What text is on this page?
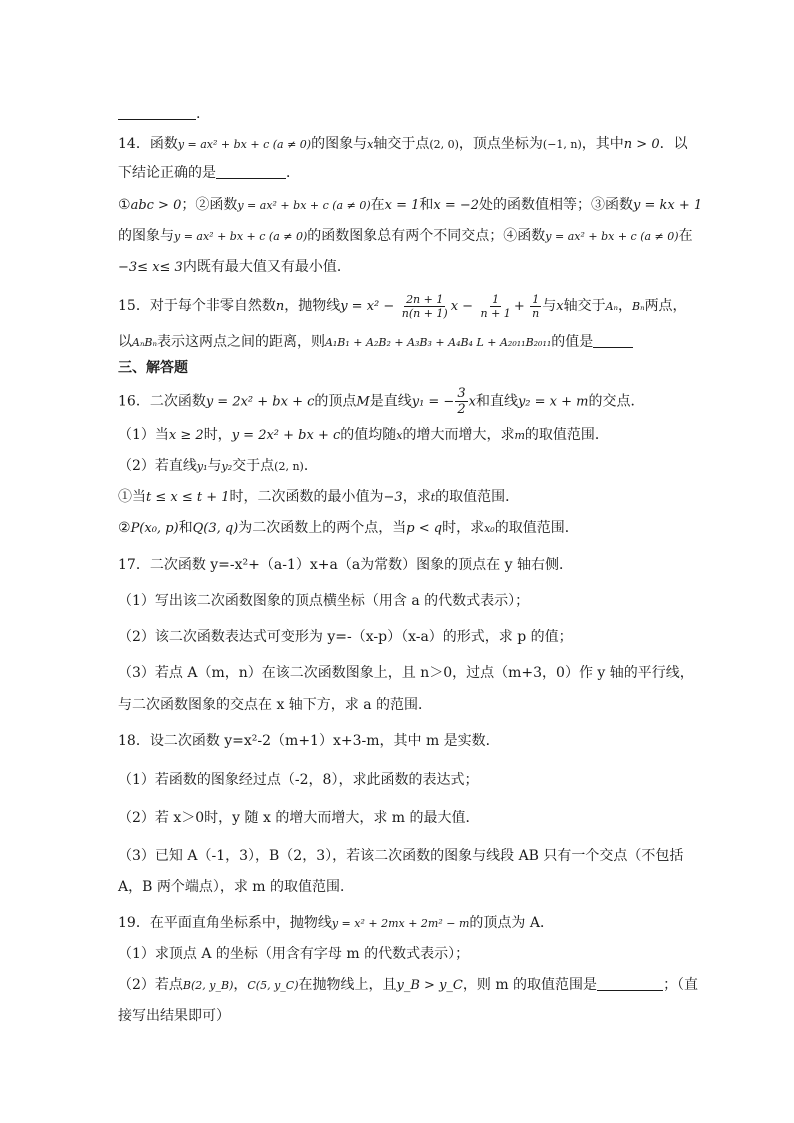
.
14．函数y = ax² + bx + c (a ≠ 0)的图象与x轴交于点(2, 0)，顶点坐标为(−1, n)，其中n > 0．以
下结论正确的是	．
①abc > 0；②函数y = ax² + bx + c (a ≠ 0)在x = 1和x = −2处的函数值相等；③函数y = kx + 1
的图象与y = ax² + bx + c (a ≠ 0)的函数图象总有两个不同交点；④函数y = ax² + bx + c (a ≠ 0)在
−3≤ x≤ 3内既有最大值又有最小值．
15．对于每个非零自然数n，抛物线$y = x^2 - \frac{2n + 1}{n(n + 1)}$ $x - \frac{1}{n + 1} + \frac{1}{n}$ 与x轴交于Aₙ，Bₙ两点，
以AₙBₙ表示这两点之间的距离，则A₁B₁ + A₂B₂ + A₃B₃ + A₄B₄ L + A₂₀₁₁B₂₀₁₁的值是
三、解答题
16．二次函数y = 2x² + bx + c的顶点M是直线y₁ = − $\frac{3}{2}$ x和直线y₂ = x + m的交点．
（1）当x ≥ 2时，y = 2x² + bx + c的值均随x的增大而增大，求m的取值范围．
（2）若直线y₁与y₂交于点(2, n)．
①当t ≤ x ≤ t + 1时，二次函数的最小值为−3，求t的取值范围．
②P(x₀, p)和Q(3, q)为二次函数上的两个点，当p < q时，求x₀的取值范围．
17．二次函数 y=-x²+（a-1）x+a（a为常数）图象的顶点在 y 轴右侧．
（1）写出该二次函数图象的顶点横坐标（用含 a 的代数式表示）；
（2）该二次函数表达式可变形为 y=-（x-p）（x-a）的形式，求 p 的值；
（3）若点 A（m，n）在该二次函数图象上，且 n＞0，过点（m+3，0）作 y 轴的平行线，
与二次函数图象的交点在 x 轴下方，求 a 的范围．
18．设二次函数 y=x²-2（m+1）x+3-m，其中 m 是实数．
（1）若函数的图象经过点（-2，8），求此函数的表达式；
（2）若 x＞0时，y 随 x 的增大而增大，求 m 的最大值．
（3）已知 A（-1，3），B（2，3），若该二次函数的图象与线段 AB 只有一个交点（不包括
A，B 两个端点），求 m 的取值范围．
19．在平面直角坐标系中，抛物线y = x² + 2mx + 2m² − m的顶点为 A．
（1）求顶点 A 的坐标（用含有字母 m 的代数式表示）；
（2）若点B(2, y_B)，C(5, y_C)在抛物线上，且y_B > y_C，则 m 的取值范围是	；（直
接写出结果即可）
